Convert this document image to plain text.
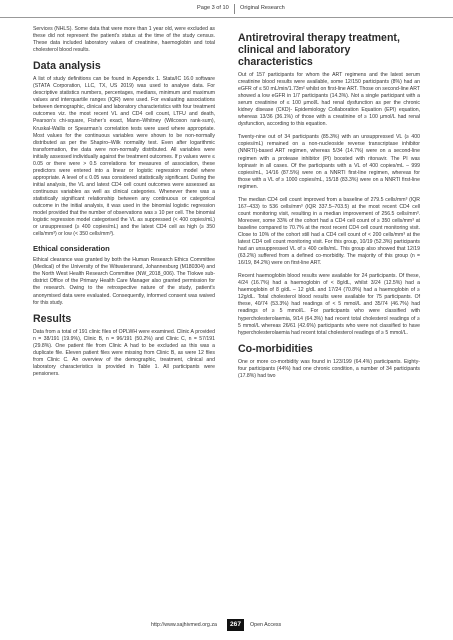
Page 3 of 10 Original Research

Services (NHLS). Some data that were more than 1 year old, were excluded as these did not represent the patient’s status at the time of the study census. These data included laboratory values of creatinine, haemoglobin and total cholesterol blood results.

Data analysis

A list of study definitions can be found in Appendix 1. Stata/IC 16.0 software (STATA Corporation, LLC, TX, US 2019) was used to analyse data. For descriptive statistics numbers, percentages, medians, minimum and maximum values and interquartile ranges (IQR) were used. For evaluating associations between demographic, clinical and laboratory characteristics with four treatment outcomes viz. the most recent VL and CD4 cell count, LTFU and death, Pearson’s chi-square, Fisher’s exact, Mann–Whitney (Wilcoxon rank-sum), Kruskal-Wallis or Spearman’s correlation tests were used where appropriate. Most values for the continuous variables were shown to be non-normally distributed as per the Shapiro–Wilk normality test. Even after logarithmic transformation, the data were non-normally distributed. All variables were initially assessed individually against the treatment outcomes. If p values were ≤ 0.05 or there were > 0.5 correlations for measures of association, these predictors were entered into a linear or logistic regression model where appropriate. A level of ≤ 0.05 was considered statistically significant. During the initial analysis, the VL and latest CD4 cell count outcomes were assessed as continuous variables as well as clinical categories. Whenever there was a statistically significant relationship between any continuous or categorical outcome in the initial analysis, it was used in the binomial logistic regression model provided that the number of observations was ≥ 10 per cell. The binomial logistic regression model categorised the VL as suppressed (< 400 copies/mL) or unsuppressed (≥ 400 copies/mL) and the latest CD4 cell as high (≥ 350 cells/mm³) or low (< 350 cells/mm³).

Ethical consideration

Ethical clearance was granted by both the Human Research Ethics Committee (Medical) of the University of the Witwatersrand, Johannesburg (M180304) and the North West Health Research Committee (NW_2018_006). The Tlokwe sub-district Office of the Primary Health Care Manager also granted permission for the research. Owing to the retrospective nature of the study, patient’s anonymised data were evaluated. Consequently, informed consent was waived for this study.

Results

Data from a total of 191 clinic files of OPLWH were examined. Clinic A provided n = 38/191 (19.9%), Clinic B, n = 96/191 (50.2%) and Clinic C, n = 57/191 (29.8%). One patient file from Clinic A had to be excluded as this was a duplicate file. Eleven patient files were missing from Clinic B, as were 12 files from Clinic C. An overview of the demographic, treatment, clinical and laboratory characteristics is provided in Table 1. All participants were pensioners.

Antiretroviral therapy treatment, clinical and laboratory characteristics

Out of 157 participants for whom the ART regimens and the latest serum creatinine blood results were available, some 12/150 participants (8%) had an eGFR of ≤ 50 mL/min/1.73m² whilst on first-line ART. Those on second-line ART showed a low eGFR in 1/7 participants (14.3%). Not a single participant with a serum creatinine of ≤ 100 μmol/L had renal dysfunction as per the chronic kidney disease (CKD)- Epidemiology Collaboration Equation (EPI) equation, whereas 13/36 (36.1%) of those with a creatinine of ≥ 100 μmol/L had renal dysfunction, according to this equation.

Twenty-nine out of 34 participants (85.3%) with an unsuppressed VL (≥ 400 copies/mL) remained on a non-nucleoside reverse transcriptase inhibitor (NNRTI)-based ART regimen, whereas 5/34 (14.7%) were on a second-line regimen with a protease inhibitor (PI) boosted with ritonavir. The PI was lopinavir in all cases. Of the participants with a VL of 400 copies/mL – 999 copies/mL, 14/16 (87.5%) were on a NNRTI first-line regimen, whereas for those with a VL of ≥ 1000 copies/mL, 15/18 (83.3%) were on a NNRTI first-line regimen.

The median CD4 cell count improved from a baseline of 279.5 cells/mm³ (IQR 167–433) to 536 cells/mm³ (IQR 337.5–703.5) at the most recent CD4 cell count monitoring visit, resulting in a median improvement of 256.5 cells/mm³. Moreover, some 33% of the cohort had a CD4 cell count of ≥ 350 cells/mm³ at baseline compared to 70.7% at the most recent CD4 cell count monitoring visit. Close to 10% of the cohort still had a CD4 cell count of < 200 cells/mm³ at the latest CD4 cell count monitoring visit. For this group, 10/19 (52.3%) participants had an unsuppressed VL of ≥ 400 cells/mL. This group also showed that 12/19 (63.2%) suffered from a defined co-morbidity. The majority of this group (n = 16/19, 84.2%) were on first-line ART.

Recent haemoglobin blood results were available for 24 participants. Of these, 4/24 (16.7%) had a haemoglobin of < 8g/dL, whilst 3/24 (12.5%) had a haemoglobin of 8 g/dL – 12 g/dL and 17/24 (70.8%) had a haemoglobin of ≥ 12g/dL. Total cholesterol blood results were available for 75 participants. Of these, 40/74 (53.3%) had readings of < 5 mmol/L and 35/74 (46.7%) had readings of ≥ 5 mmol/L. For participants who were classified with hypercholesterolaemia, 9/14 (64.3%) had recent total cholesterol readings of ≥ 5 mmol/L whereas 26/61 (42.6%) participants who were not classified to have hypercholesterolaemia had recent total cholesterol readings of ≥ 5 mmol/L.

Co-morbidities

One or more co-morbidity was found in 123/199 (64.4%) participants. Eighty-four participants (44%) had one chronic condition, a number of 34 participants (17.8%) had two

http://www.sajhivmed.org.za	267	Open Access
